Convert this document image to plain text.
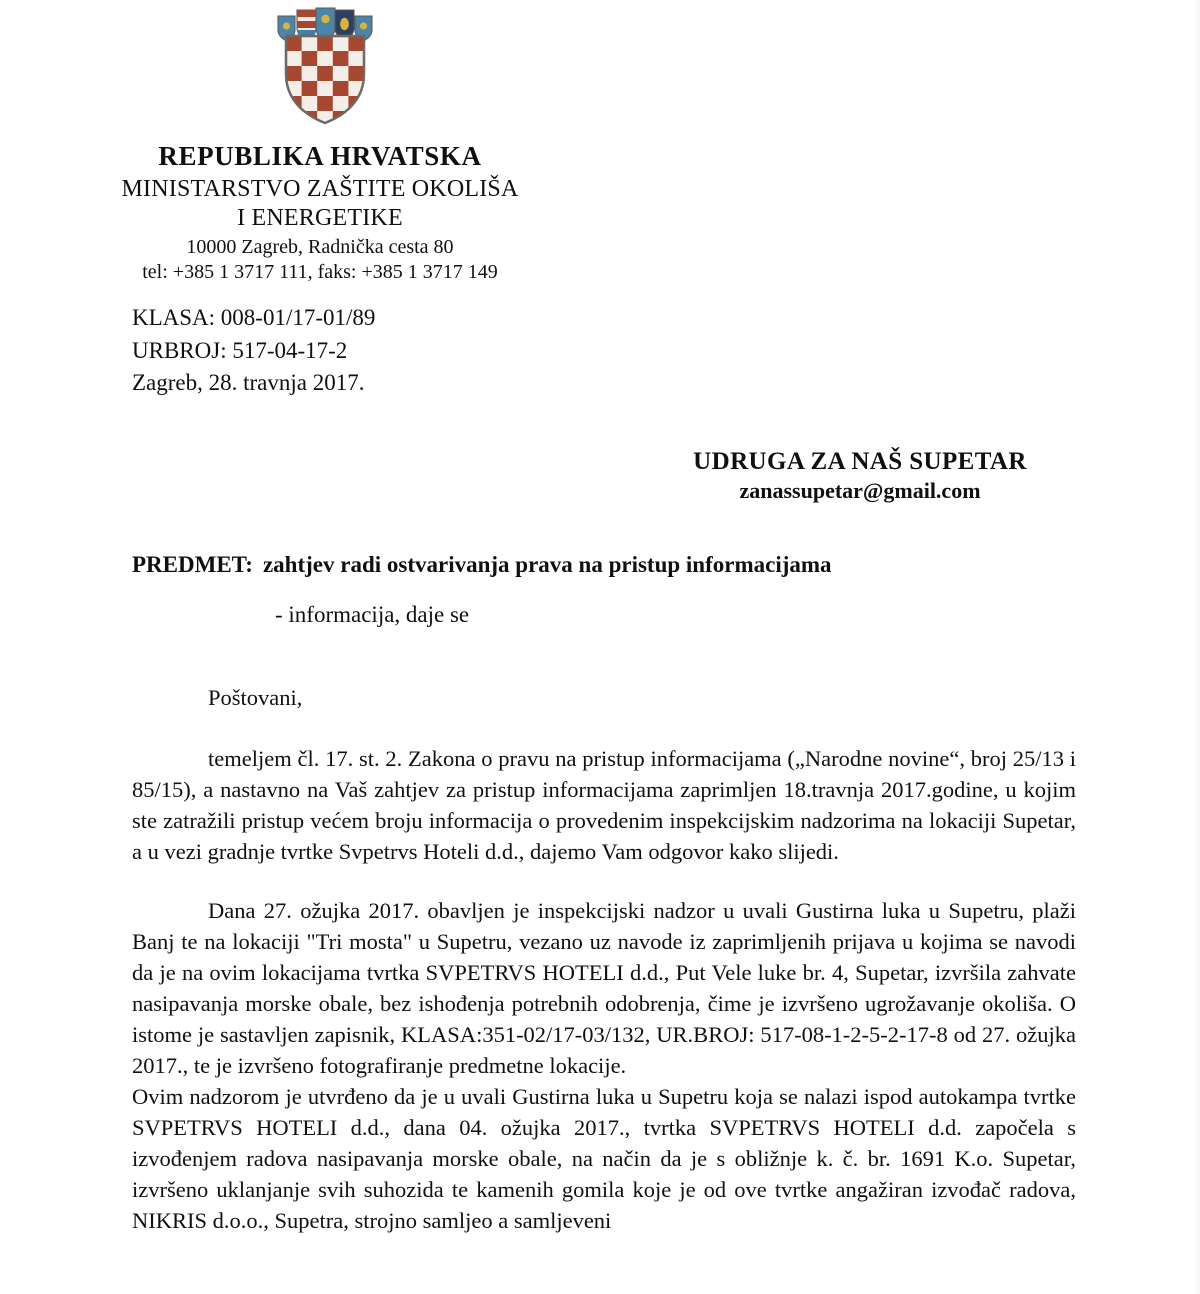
REPUBLIKA HRVATSKA
MINISTARSTVO ZAŠTITE OKOLIŠA
I ENERGETIKE
10000 Zagreb, Radnička cesta 80
tel: +385 1 3717 111, faks: +385 1 3717 149
KLASA: 008-01/17-01/89
URBROJ: 517-04-17-2
Zagreb, 28. travnja 2017.
UDRUGA ZA NAŠ SUPETAR
zanassupetar@gmail.com
PREDMET: zahtjev radi ostvarivanja prava na pristup informacijama
- informacija, daje se

Poštovani,

temeljem čl. 17. st. 2. Zakona o pravu na pristup informacijama („Narodne novine“, broj 25/13 i 85/15), a nastavno na Vaš zahtjev za pristup informacijama zaprimljen 18.travnja 2017.godine, u kojim ste zatražili pristup većem broju informacija o provedenim inspekcijskim nadzorima na lokaciji Supetar, a u vezi gradnje tvrtke Svpetrvs Hoteli d.d., dajemo Vam odgovor kako slijedi.

Dana 27. ožujka 2017. obavljen je inspekcijski nadzor u uvali Gustirna luka u Supetru, plaži Banj te na lokaciji "Tri mosta" u Supetru, vezano uz navode iz zaprimljenih prijava u kojima se navodi da je na ovim lokacijama tvrtka SVPETRVS HOTELI d.d., Put Vele luke br. 4, Supetar, izvršila zahvate nasipavanja morske obale, bez ishođenja potrebnih odobrenja, čime je izvršeno ugrožavanje okoliša. O istome je sastavljen zapisnik, KLASA:351-02/17-03/132, UR.BROJ: 517-08-1-2-5-2-17-8 od 27. ožujka 2017., te je izvršeno fotografiranje predmetne lokacije.

Ovim nadzorom je utvrđeno da je u uvali Gustirna luka u Supetru koja se nalazi ispod autokampa tvrtke SVPETRVS HOTELI d.d., dana 04. ožujka 2017., tvrtka SVPETRVS HOTELI d.d. započela s izvođenjem radova nasipavanja morske obale, na način da je s obližnje k. č. br. 1691 K.o. Supetar, izvršeno uklanjanje svih suhozida te kamenih gomila koje je od ove tvrtke angažiran izvođač radova, NIKRIS d.o.o., Supetra, strojno samljeo a samljeveni
